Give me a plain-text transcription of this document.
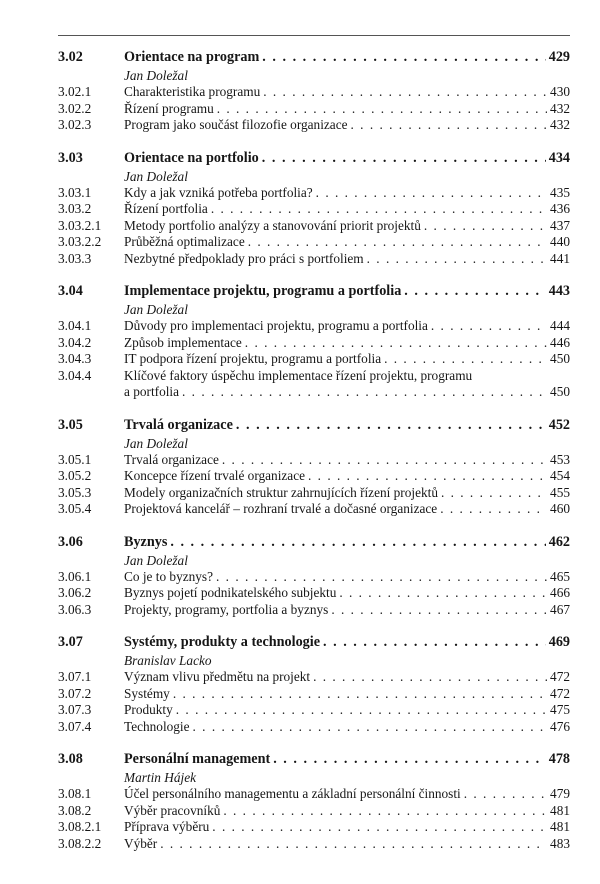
3.02	Orientace na program . . .	429
Jan Doležal
3.02.1	Charakteristika programu . . .	430
3.02.2	Řízení programu . . .	432
3.02.3	Program jako součást filozofie organizace . . .	432
3.03	Orientace na portfolio . . .	434
Jan Doležal
3.03.1	Kdy a jak vzniká potřeba portfolia? . . .	435
3.03.2	Řízení portfolia . . .	436
3.03.2.1	Metody portfolio analýzy a stanovování priorit projektů . . .	437
3.03.2.2	Průběžná optimalizace . . .	440
3.03.3	Nezbytné předpoklady pro práci s portfoliem . . .	441
3.04	Implementace projektu, programu a portfolia . . .	443
Jan Doležal
3.04.1	Důvody pro implementaci projektu, programu a portfolia . . .	444
3.04.2	Způsob implementace . . .	446
3.04.3	IT podpora řízení projektu, programu a portfolia . . .	450
3.04.4	Klíčové faktory úspěchu implementace řízení projektu, programu
a portfolia . . .	450
3.05	Trvalá organizace . . .	452
Jan Doležal
3.05.1	Trvalá organizace . . .	453
3.05.2	Koncepce řízení trvalé organizace . . .	454
3.05.3	Modely organizačních struktur zahrnujících řízení projektů . . .	455
3.05.4	Projektová kancelář – rozhraní trvalé a dočasné organizace . . .	460
3.06	Byznys . . .	462
Jan Doležal
3.06.1	Co je to byznys? . . .	465
3.06.2	Byznys pojetí podnikatelského subjektu . . .	466
3.06.3	Projekty, programy, portfolia a byznys . . .	467
3.07	Systémy, produkty a technologie . . .	469
Branislav Lacko
3.07.1	Význam vlivu předmětu na projekt . . .	472
3.07.2	Systémy . . .	472
3.07.3	Produkty . . .	475
3.07.4	Technologie . . .	476
3.08	Personální management . . .	478
Martin Hájek
3.08.1	Účel personálního managementu a základní personální činnosti . . .	479
3.08.2	Výběr pracovníků . . .	481
3.08.2.1	Příprava výběru . . .	481
3.08.2.2	Výběr . . .	483
